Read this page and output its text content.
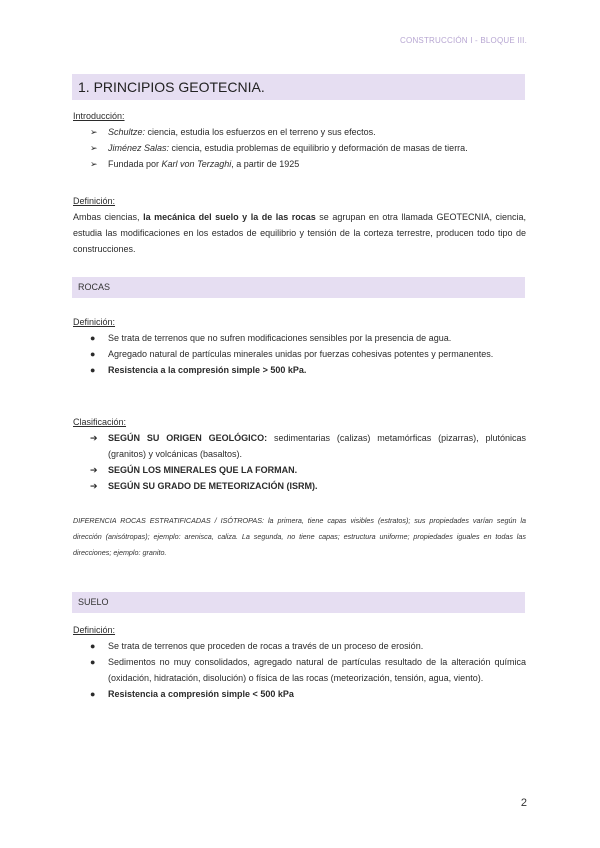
CONSTRUCCIÓN I - BLOQUE III.
1. PRINCIPIOS GEOTECNIA.
Introducción:
➢ Schultze: ciencia, estudia los esfuerzos en el terreno y sus efectos.
➢ Jiménez Salas: ciencia, estudia problemas de equilibrio y deformación de masas de tierra.
➢ Fundada por Karl von Terzaghi, a partir de 1925
Definición:
Ambas ciencias, la mecánica del suelo y la de las rocas se agrupan en otra llamada GEOTECNIA, ciencia, estudia las modificaciones en los estados de equilibrio y tensión de la corteza terrestre, producen todo tipo de construcciones.
ROCAS
Definición:
● Se trata de terrenos que no sufren modificaciones sensibles por la presencia de agua.
● Agregado natural de partículas minerales unidas por fuerzas cohesivas potentes y permanentes.
● Resistencia a la compresión simple > 500 kPa.
Clasificación:
➔ SEGÚN SU ORIGEN GEOLÓGICO: sedimentarias (calizas) metamórficas (pizarras), plutónicas (granitos) y volcánicas (basaltos).
➔ SEGÚN LOS MINERALES QUE LA FORMAN.
➔ SEGÚN SU GRADO DE METEORIZACIÓN (ISRM).
DIFERENCIA ROCAS ESTRATIFICADAS / ISÓTROPAS: la primera, tiene capas visibles (estratos); sus propiedades varían según la dirección (anisótropas); ejemplo: arenisca, caliza. La segunda, no tiene capas; estructura uniforme; propiedades iguales en todas las direcciones; ejemplo: granito.
SUELO
Definición:
● Se trata de terrenos que proceden de rocas a través de un proceso de erosión.
● Sedimentos no muy consolidados, agregado natural de partículas resultado de la alteración química (oxidación, hidratación, disolución) o física de las rocas (meteorización, tensión, agua, viento).
● Resistencia a compresión simple < 500 kPa
2
